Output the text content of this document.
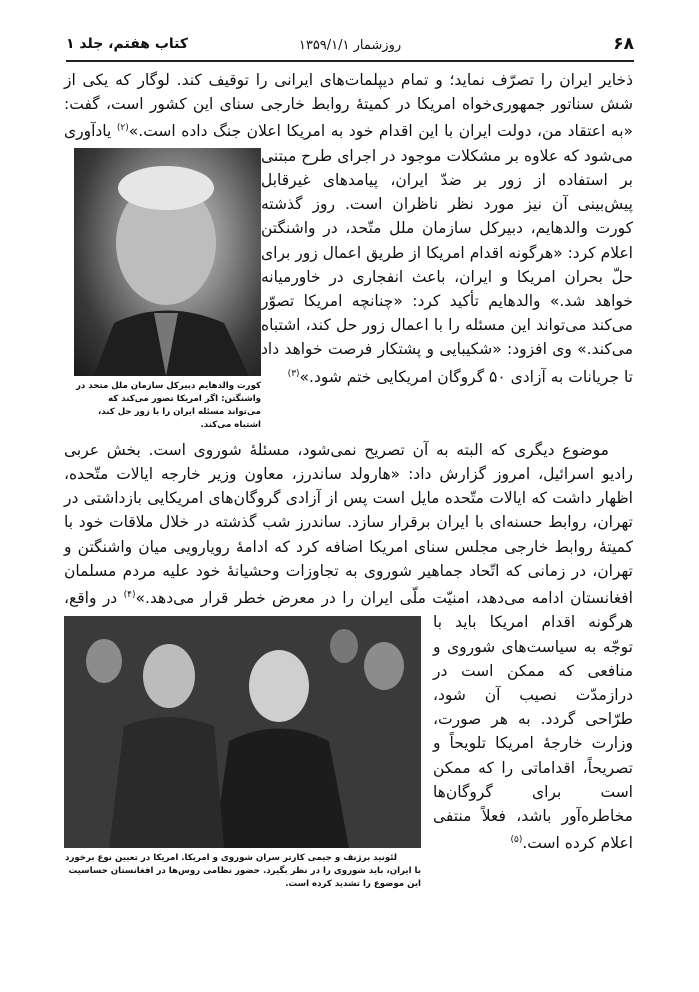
۶۸
روزشمار ۱۳۵۹/۱/۱
کتاب هفتم، جلد ۱
ذخایر ایران را تصرّف نماید؛ و تمام دیپلمات‌های ایرانی را توقیف کند. لوگار که یکی از شش سناتور جمهوری‌خواه امریکا در کمیتهٔ روابط خارجی سنای این کشور است، گفت: «به اعتقاد من، دولت ایران با این اقدام خود به امریکا اعلان جنگ داده است.»$^{(۲)}$
کورت والدهایم دبیرکل سازمان ملل متحد در واشنگتن: اگر امریکا تصور می‌کند که می‌تواند مسئله ایران را با زور حل کند، اشتباه می‌کند.
یادآوری می‌شود که علاوه بر مشکلات موجود در اجرای طرح مبتنی بر استفاده از زور بر ضدّ ایران، پیامدهای غیرقابل پیش‌بینی آن نیز مورد نظر ناظران است. روز گذشته کورت والدهایم، دبیرکل سازمان ملل متّحد، در واشنگتن اعلام کرد: «هرگونه اقدام امریکا از طریق اعمال زور برای حلّ بحران امریکا و ایران، باعث انفجاری در خاورمیانه خواهد شد.» والدهایم تأکید کرد: «چنانچه امریکا تصوّر می‌کند می‌تواند این مسئله را با اعمال زور حل کند، اشتباه می‌کند.» وی افزود: «شکیبایی و پشتکار فرصت خواهد داد تا جریانات به آزادی ۵۰ گروگان امریکایی ختم شود.»$^{(۳)}$
موضوع دیگری که البته به آن تصریح نمی‌شود، مسئلهٔ شوروی است. بخش عربی رادیو اسرائیل، امروز گزارش داد: «هارولد ساندرز، معاون وزیر خارجه ایالات متّحده، اظهار داشت که ایالات متّحده مایل است پس از آزادی گروگان‌های امریکایی بازداشتی در تهران، روابط حسنه‌ای با ایران برقرار سازد. ساندرز شب گذشته در خلال ملاقات خود با کمیتهٔ روابط خارجی مجلس سنای امریکا اضافه کرد که ادامهٔ رویارویی میان واشنگتن و تهران، در زمانی که اتّحاد جماهیر شوروی به تجاوزات وحشیانهٔ خود علیه مردم مسلمان افغانستان ادامه می‌دهد، امنیّت ملّی ایران را در معرض خطر قرار می‌دهد.»$^{(۴)}$
لئونید برژنف و جیمی کارتر سران شوروی و امریکا. امریکا در تعیین نوع برخورد با ایران، باید شوروی را در نظر بگیرد. حضور نظامی روس‌ها در افغانستان حساسیت این موضوع را تشدید کرده است.
در واقع، هرگونه اقدام امریکا باید با توجّه به سیاست‌های شوروی و منافعی که ممکن است در درازمدّت نصیب آن شود، طرّاحی گردد. به هر صورت، وزارت خارجهٔ امریکا تلویحاً و تصریحاً، اقداماتی را که ممکن است برای گروگان‌ها مخاطره‌آور باشد، فعلاً منتفی اعلام کرده است.$^{(۵)}$
